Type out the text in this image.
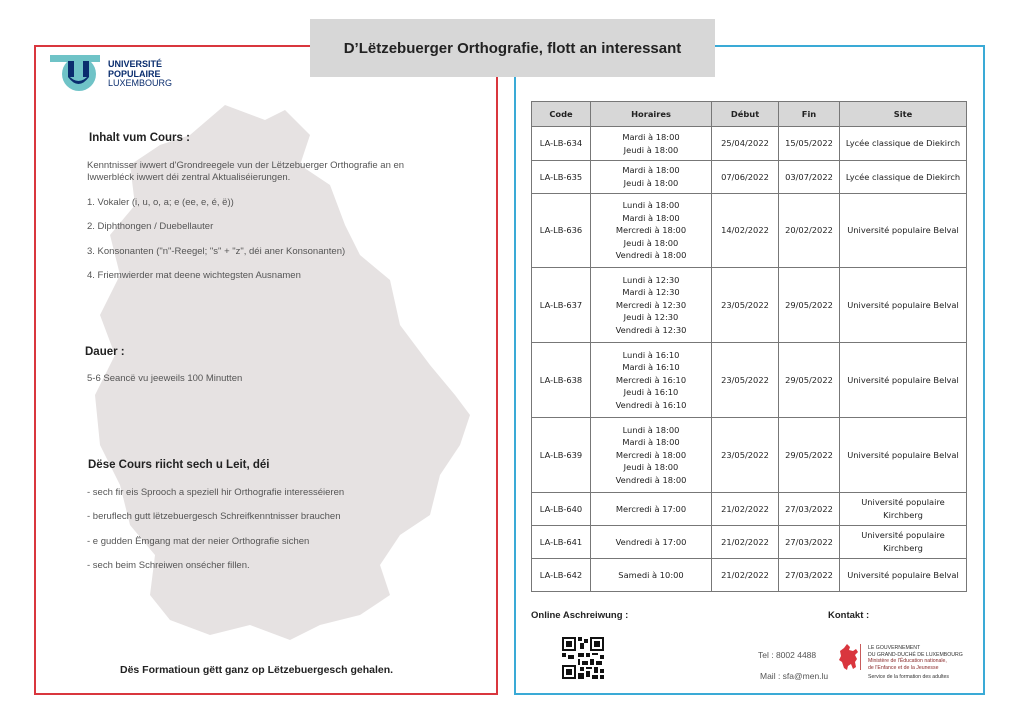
D’Lëtzebuerger Orthografie, flott an interessant
UNIVERSITÉ
POPULAIRE
LUXEMBOURG
Inhalt vum Cours :
Kenntnisser iwwert d'Grondreegele vun der Lëtzebuerger Orthografie an en
Iwwerbléck iwwert déi zentral Aktualiséierungen.
1. Vokaler (i, u, o, a; e (ee, e, é, ë))
2. Diphthongen / Duebellauter
3. Konsonanten ("n"-Reegel; "s" + "z", déi aner Konsonanten)
4. Friemwierder mat deene wichtegsten Ausnamen
Dauer :
5-6 Seancë vu jeeweils 100 Minutten
Dëse Cours riicht sech u Leit, déi
- sech fir eis Sprooch a speziell hir Orthografie interesséieren
- beruflech gutt lëtzebuergesch Schreifkenntnisser brauchen
- e gudden Ëmgang mat der neier Orthografie sichen
- sech beim Schreiwen onsécher fillen.
Dës Formatioun gëtt ganz op Lëtzebuergesch gehalen.
Code	Horaires	Début	Fin	Site
LA-LB-634	Mardi à 18:00
Jeudi à 18:00	25/04/2022	15/05/2022	Lycée classique de Diekirch
LA-LB-635	Mardi à 18:00
Jeudi à 18:00	07/06/2022	03/07/2022	Lycée classique de Diekirch
LA-LB-636	Lundi à 18:00
Mardi à 18:00
Mercredi à 18:00
Jeudi à 18:00
Vendredi à 18:00	14/02/2022	20/02/2022	Université populaire Belval
LA-LB-637	Lundi à 12:30
Mardi à 12:30
Mercredi à 12:30
Jeudi à 12:30
Vendredi à 12:30	23/05/2022	29/05/2022	Université populaire Belval
LA-LB-638	Lundi à 16:10
Mardi à 16:10
Mercredi à 16:10
Jeudi à 16:10
Vendredi à 16:10	23/05/2022	29/05/2022	Université populaire Belval
LA-LB-639	Lundi à 18:00
Mardi à 18:00
Mercredi à 18:00
Jeudi à 18:00
Vendredi à 18:00	23/05/2022	29/05/2022	Université populaire Belval
LA-LB-640	Mercredi à 17:00	21/02/2022	27/03/2022	Université populaire Kirchberg
LA-LB-641	Vendredi à 17:00	21/02/2022	27/03/2022	Université populaire Kirchberg
LA-LB-642	Samedi à 10:00	21/02/2022	27/03/2022	Université populaire Belval
Online Aschreiwung :	Kontakt :
Tel : 8002 4488
Mail : sfa@men.lu
LE GOUVERNEMENT
DU GRAND-DUCHÉ DE LUXEMBOURG
Ministère de l'Éducation nationale,
de l'Enfance et de la Jeunesse
Service de la formation des adultes
